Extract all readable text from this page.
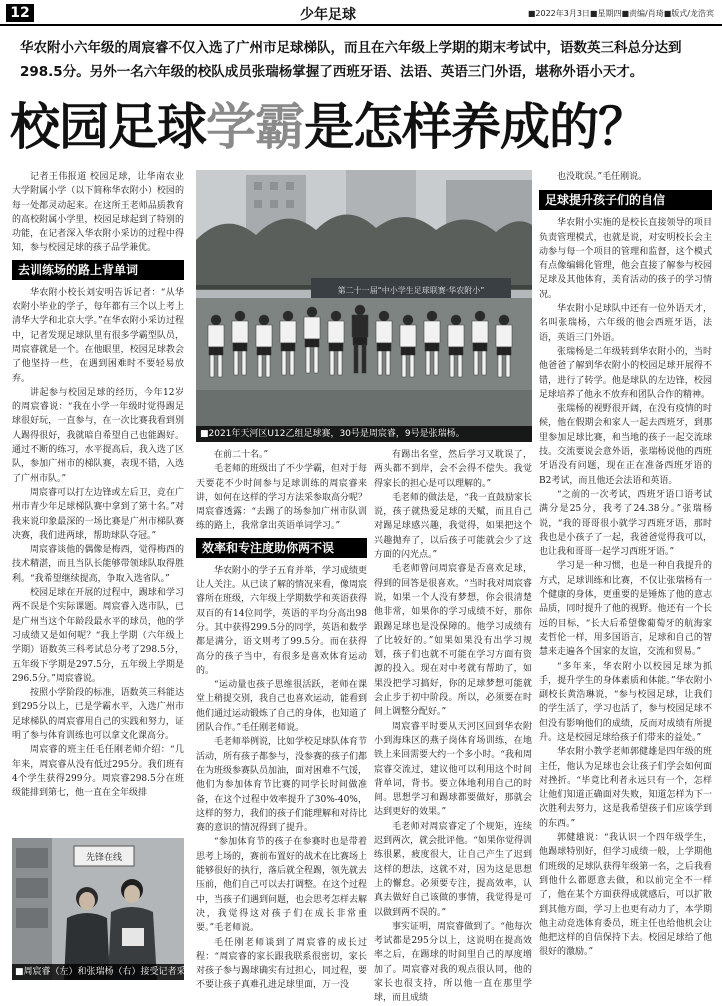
12	少年足球	■2022年3月3日■星期四■责编/肖琦■版式/龙浩宾
华农附小六年级的周宸睿不仅入选了广州市足球梯队，而且在六年级上学期的期末考试中，语数英三科总分达到298.5分。另外一名六年级的校队成员张瑞杨掌握了西班牙语、法语、英语三门外语，堪称外语小天才。
校园足球学霸是怎样养成的？

记者王伟报道 校园足球，让华南农业大学附属小学（以下简称华农附小）校园的每一处都灵动起来。在这所王老师品质教育的高校附属小学里，校园足球起到了特别的功能，在记者深入华农附小采访的过程中得知，参与校园足球的孩子品学兼优。

去训练场的路上背单词

华农附小校长刘安明告诉记者：“从华农附小毕业的学子，每年都有三个以上考上清华大学和北京大学。”在华农附小采访过程中，记者发现足球队里有很多学霸型队员，周宸睿就是一个。在他眼里，校园足球教会了他坚持一些，在遇到困难时不要轻易放弃。

讲起参与校园足球的经历，今年12岁的周宸睿说：“我在小学一年级时觉得踢足球很好玩，一直参与，在一次比赛我看到别人踢得很好，我就暗自希望自己也能踢好。通过不断的练习，水平提高后，我入选了区队，参加广州市的梯队赛，表现不错，入选了广州市队。”

周宸睿可以打左边锋或左后卫，竞在广州市青少年足球梯队赛中拿到了第十名。”对我来说印象最深的一场比赛是广州市梯队赛决赛，我们进两球，帮助球队夺冠。”

周宸睿谈他的偶像是梅西，觉得梅西的技术精湛，而且当队长能够带领球队取得胜利。“我希望继续提高，争取入选省队。”

校园足球在开展的过程中，踢球和学习两不误是个实际课题。周宸睿入选市队，已是广州当这个年龄段最水平的球员，他的学习成绩又是如何呢？“我上学期（六年级上学期）语数英三科考试总分考了298.5分，五年级下学期是297.5分，五年级上学期是296.5分。”周宸睿说。

按照小学阶段的标准，语数英三科能达到295分以上，已是学霸水平，入选广州市足球梯队的周宸睿用自己的实践和努力，证明了参与体育训练也可以拿文化课高分。

周宸睿的班主任毛任刚老师介绍：“几年来，周宸睿从没有低过295分。我们班有4个学生获得299分。周宸睿298.5分在班级能排到第七，他一直在全年级排

第二十一届“中小学生足球联赛·华农附小”
■2021年天河区U12乙组足球赛，30号是周宸睿，9号是张瑞杨。

在前二十名。”

毛老师的班级出了不少学霸，但对于每天要花不少时间参与足球训练的周宸睿来讲，如何在这样的学习方法采参取高分呢？周宸睿透露：“去踢了的场参加广州市队训练的路上，我常拿出英语单词学习。”

效率和专注度助你两不误

华农附小的学子五育并举，学习成绩更让人关注。从已读了解的情况来看，像周宸睿所在班级，六年级上学期数学和英语获得双百的有14位同学，英语的平均分高出98分。其中获得299.5分的同学，英语和数学都是满分，语文则考了99.5分。而在获得高分的孩子当中，有很多是喜欢体育运动的。

“运动量也孩子思维很活跃，老师在课堂上稍提交别，我自己也喜欢运动，能看到他们通过运动锻炼了自己的身体，也知道了团队合作。”毛任刚老师说。

毛老师举例说，比如学校足球队体育节活动，所有孩子都参与，没参赛的孩子们都在为班级参赛队员加油，面对困难不气馁，他们为参加体育节比赛的同学长时间做准备，在这个过程中效率提升了30%-40%，这样的努力，我们的孩子们能理解和对待比赛的意识的情况得到了提升。

“参加体育节的孩子在参赛时也是带着思考上场的，赛前布置好的战术在比赛场上能够很好的执行，落后就全程踢，领先就去压前，他们自己可以去打调整。在这个过程中，当孩子们遇到问题，也会思考怎样去解决，我觉得这对孩子们在成长非常重要。”毛老师说。

毛任刚老师谈到了周宸睿的成长过程：“周宸睿的家长跟我联系很密切，家长对孩子参与踢球确实有过担心，同过程，要不要让孩子真难孔进足球里面，万一没

有踢出名堂，然后学习又耽误了，两头都不到岸，会不会得不偿失。我觉得家长的担心是可以理解的。”

毛老师的做法是，“我一直鼓励家长说，孩子就热爱足球的天赋，而且自己对踢足球感兴趣，我觉得，如果把这个兴趣抛弃了，以后孩子可能就会少了这方面的闪光点。”

毛老师曾问周宸睿是否喜欢足球，得到的回答是很喜欢。“当时我对周宸睿说，如果一个人没有梦想，你会很清楚他非常，如果你的学习成绩不好，那你跟踢足球也是没保障的。他学习成绩有了比较好的。”如果如果没有出学习规划，孩子们也就不可能在学习方面有资源的投入。现在对中考就有帮助了，如果没把学习搞好，你的足球梦想可能就会止步于初中阶段。所以，必须要在时间上调整分配好。”

周宸睿平时要从天河区回到华农附小到海珠区的燕子岗体育场训练，在地铁上来回需要大约一个多小时。“我和周宸睿交流过，建议他可以利用这个时间背单词，背书。要立体地利用自己的时间。思想学习和踢球都要做好，那就会达到更好的效果。”

毛老师对周宸睿定了个规矩，连续迟到两次，就会批评他。“如果你觉得训练很累，疲度很大，让自己产生了迟到这样的想法，这就不对，因为这是思想上的懈怠。必须要专注，提高效率，认真去做好自己该做的事情，我觉得是可以做到两不误的。”

事实证明，周宸睿做到了。“他每次考试都是295分以上，这说明在提高效率之后，在踢球的时间里自己的厚度增加了。周宸睿对我的观点很认同，他的家长也很支持，所以他一直在那里学球，而且成绩

也没耽误。”毛任刚说。

足球提升孩子们的自信

华农附小实施的是校长直接领导的项目负责管理模式，也就是说，对安明校长会主动参与每一个项目的管理和监督，这个模式有点像编辑化管理，他会直接了解参与校园足球及其他体育，美育活动的孩子的学习情况。

华农附小足球队中还有一位外语天才，名叫张瑞杨，六年级的他会西班牙语，法语，英语三门外语。

张瑞杨是二年级转到华农附小的，当时他爸爸了解到华农附小的校园足球开展得不错，进行了转学。他是球队的左边锋，校园足球培养了他永不放弃和团队合作的精神。

张瑞杨的视野很开阔，在没有疫情的时候，他在假期会和家人一起去西班牙，到那里参加足球比赛，和当地的孩子一起交流球技。交流要说会意外语，张瑞杨说他的西班牙语没有问题，现在正在准备西班牙语的B2考试，而且他还会法语和英语。

“之前的一次考试，西班牙语口语考试满分是25分，我考了24.38分。”张瑞杨说，“我的哥哥很小就学习西班牙语，那时我也是小孩子了一起，我爸爸觉得我可以，也让我和哥哥一起学习西班牙语。”

学习是一种习惯，也是一种自我提升的方式，足球训练和比赛，不仅让张瑞杨有一个健康的身体，更重要的是锤炼了他的意志品质，同时提升了他的视野。他还有一个长远的目标，“长大后希望像葡萄牙的航海家麦哲伦一样，用多国语言，足球和自己的智慧来走遍各个国家的友谊，交流和贸易。”

“多年来，华农附小以校园足球为抓手，提升学生的身体素质和体能。”华农附小副校长黄浩琳说，“参与校园足球，让我们的学生活了，学习也活了，参与校园足球不但没有影响他们的成绩，反而对成绩有所提升。这是校园足球给孩子们带来的益处。”

华农附小教学老师郭健雄是四年级的班主任，他认为足球也会让孩子们学会如何面对挫折。“毕竟比利者永远只有一个，怎样让他们知道正确面对失败，知道怎样为下一次胜利去努力，这是我希望孩子们应该学到的东西。”

郭健雄说：“我认识一个四年级学生，他踢球特别好，但学习成绩一般，上学期他们班级的足球队获得年级第一名，之后我看到他什么都愿意去做，和以前完全不一样了，他在某个方面获得成就感后，可以扩散到其他方面，学习上也更有动力了，本学期他主动竞选体育委员，班主任也给他机会让他把这样的自信保持下去。校园足球给了他很好的激励。”

先锋在线
■周宸睿（左）和张瑞杨（右）接受记者采访。
